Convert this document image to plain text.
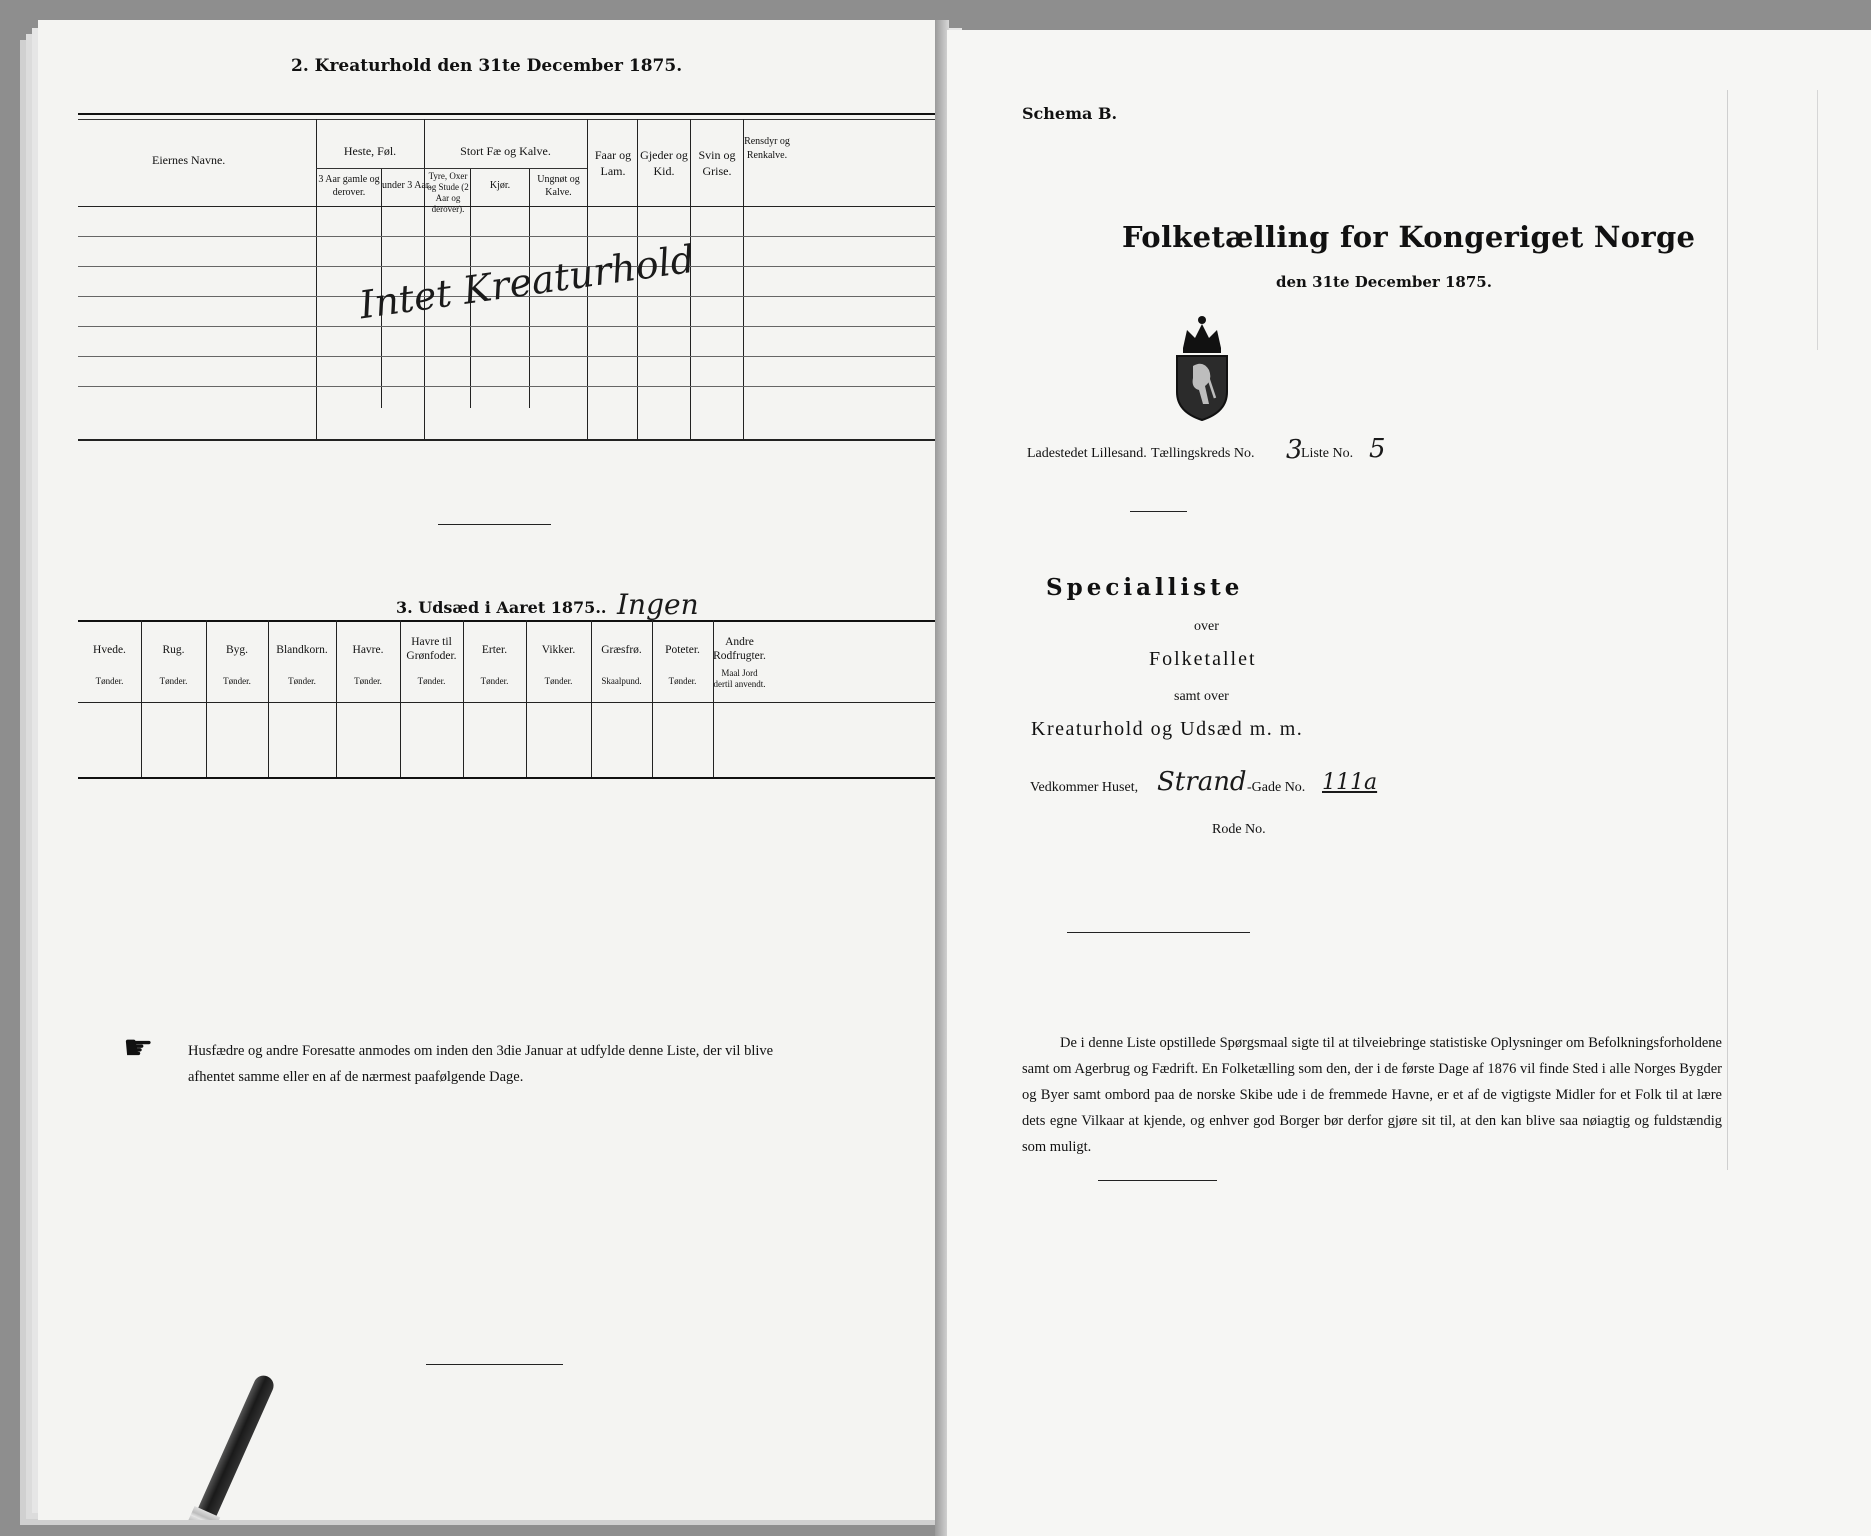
2. Kreaturhold den 31te December 1875.
Eiernes Navne.
Heste, Føl.
3 Aar gamle og derover.
under 3 Aar.
Stort Fæ og Kalve.
Tyre, Oxer og Stude (2 Aar og derover).
Kjør.
Ungnøt og Kalve.
Faar og Lam.
Gjeder og Kid.
Svin og Grise.
Rensdyr og Renkalve.
Intet Kreaturhold
3. Udsæd i Aaret 1875.. Ingen
Hvede.
Tønder.
Rug.
Tønder.
Byg.
Tønder.
Blandkorn.
Tønder.
Havre.
Tønder.
Havre til Grønfoder.
Tønder.
Erter.
Tønder.
Vikker.
Tønder.
Græsfrø.
Skaalpund.
Poteter.
Tønder.
Andre Rodfrugter.
Maal Jord dertil anvendt.
☛ Husfædre og andre Foresatte anmodes om inden den 3die Januar at udfylde denne Liste, der vil blive
afhentet samme eller en af de nærmest paafølgende Dage.
Schema B.
Folketælling for Kongeriget Norge
den 31te December 1875.
Ladestedet Lillesand. Tællingskreds No. 3
Liste No. 5
Specialliste
over
Folketallet
samt over
Kreaturhold og Udsæd m. m.
Vedkommer Huset, Strand -Gade No. 111a
Rode No.
De i denne Liste opstillede Spørgsmaal sigte til at tilveiebringe statistiske Oplysninger om Befolkningsforholdene samt om Agerbrug og Fædrift. En Folketælling som den, der i de første Dage af 1876 vil finde Sted i alle Norges Bygder og Byer samt ombord paa de norske Skibe ude i de fremmede Havne, er et af de vigtigste Midler for et Folk til at lære dets egne Vilkaar at kjende, og enhver god Borger bør derfor gjøre sit til, at den kan blive saa nøiagtig og fuldstændig som muligt.
